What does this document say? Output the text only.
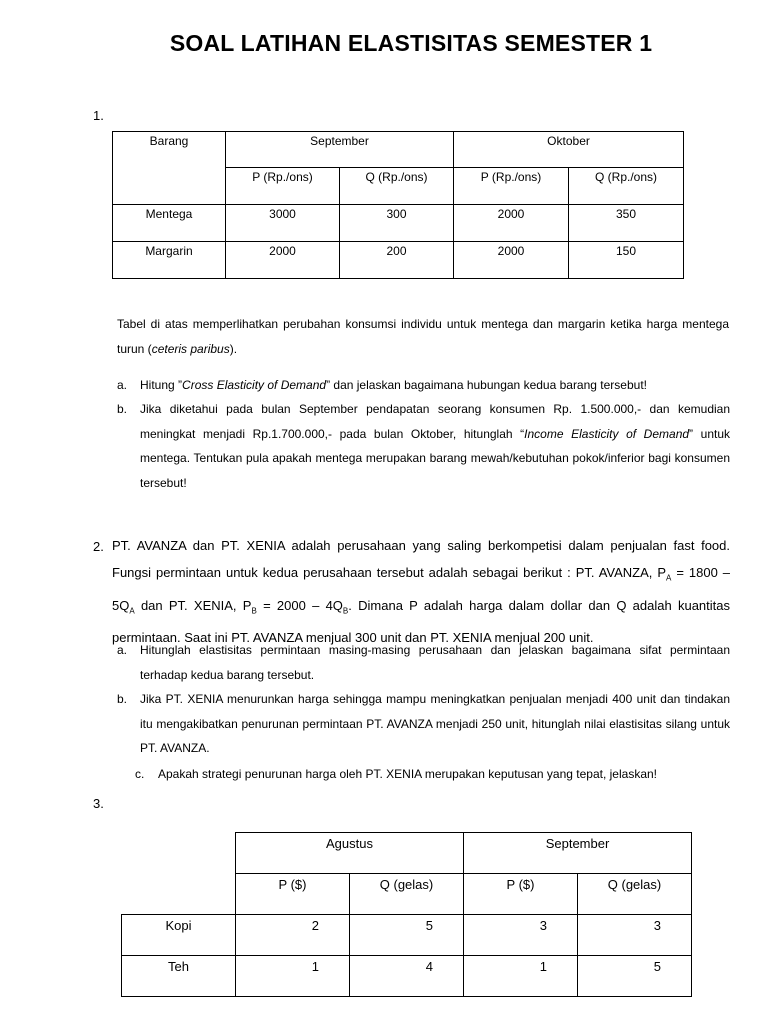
SOAL LATIHAN ELASTISITAS SEMESTER 1
1.
Barang	September		Oktober	
	P (Rp./ons)	Q (Rp./ons)	P (Rp./ons)	Q (Rp./ons)
Mentega	3000	300	2000	350
Margarin	2000	200	2000	150
Tabel di atas memperlihatkan perubahan konsumsi individu untuk mentega dan margarin ketika harga mentega turun (ceteris paribus).
a. Hitung ”Cross Elasticity of Demand” dan jelaskan bagaimana hubungan kedua barang tersebut!
b. Jika diketahui pada bulan September pendapatan seorang konsumen Rp. 1.500.000,- dan kemudian meningkat menjadi Rp.1.700.000,- pada bulan Oktober, hitunglah “Income Elasticity of Demand” untuk mentega. Tentukan pula apakah mentega merupakan barang mewah/kebutuhan pokok/inferior bagi konsumen tersebut!
2. PT. AVANZA dan PT. XENIA adalah perusahaan yang saling berkompetisi dalam penjualan fast food. Fungsi permintaan untuk kedua perusahaan tersebut adalah sebagai berikut : PT. AVANZA, $P_A = 1800 - 5Q_A$ dan PT. XENIA, $P_B = 2000 - 4Q_B$. Dimana P adalah harga dalam dollar dan Q adalah kuantitas permintaan. Saat ini PT. AVANZA menjual 300 unit dan PT. XENIA menjual 200 unit.
a. Hitunglah elastisitas permintaan masing-masing perusahaan dan jelaskan bagaimana sifat permintaan terhadap kedua barang tersebut.
b. Jika PT. XENIA menurunkan harga sehingga mampu meningkatkan penjualan menjadi 400 unit dan tindakan itu mengakibatkan penurunan permintaan PT. AVANZA menjadi 250 unit, hitunglah nilai elastisitas silang untuk PT. AVANZA.
c. Apakah strategi penurunan harga oleh PT. XENIA merupakan keputusan yang tepat, jelaskan!
3.
	Agustus		September	
	P ($)	Q (gelas)	P ($)	Q (gelas)
Kopi	2	5	3	3
Teh	1	4	1	5
